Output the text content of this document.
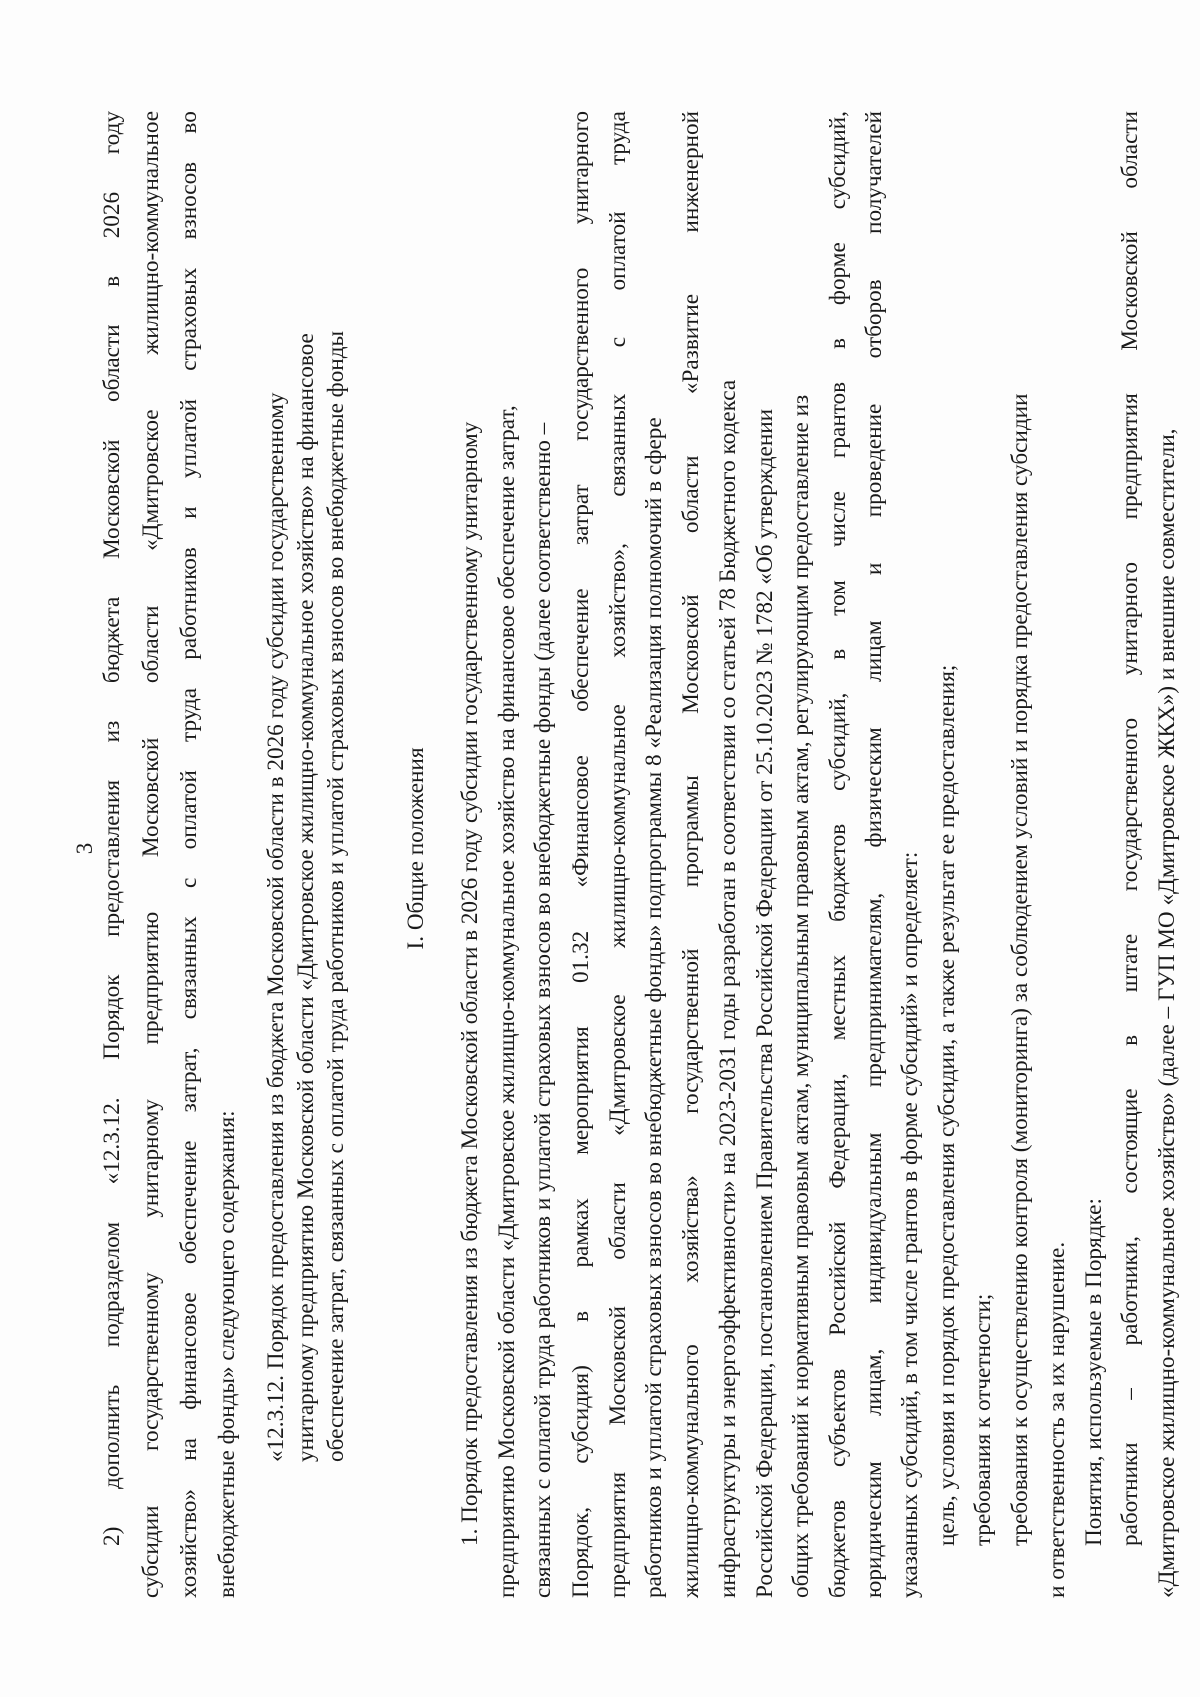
3
2)
дополнить
подразделом
«12.3.12.
Порядок
предоставления
из
бюджета
Московской
области
в
2026
году
субсидии
государственному
унитарному
предприятию
Московской
области
«Дмитровское
жилищно-коммунальное
хозяйство»
на
финансовое
обеспечение
затрат,
связанных
с
оплатой
труда
работников
и
уплатой
страховых
взносов
во
внебюджетные фонды» следующего содержания: «12.3.12. Порядок предоставления из бюджета Московской области в 2026 году субсидии государственному унитарному предприятию Московской области «Дмитровское жилищно-коммунальное хозяйство» на финансовое обеспечение затрат, связанных с оплатой труда работников и уплатой страховых взносов во внебюджетные фонды I. Общие положения 1. Порядок предоставления из бюджета Московской области в 2026 году субсидии государственному унитарному предприятию Московской области «Дмитровское жилищно-коммунальное хозяйство на финансовое обеспечение затрат, связанных с оплатой труда работников и уплатой страховых взносов во внебюджетные фонды (далее соответственно – Порядок,
субсидия)
в
рамках
мероприятия
01.32
«Финансовое
обеспечение
затрат
государственного
унитарного
предприятия
Московской
области
«Дмитровское
жилищно-коммунальное
хозяйство»,
связанных
с
оплатой
труда
работников и уплатой страховых взносов во внебюджетные фонды» подпрограммы 8 «Реализация полномочий в сфере жилищно-коммунального
хозяйства»
государственной
программы
Московской
области
«Развитие
инженерной
инфраструктуры и энергоэффективности» на 2023-2031 годы разработан в соответствии со статьей 78 Бюджетного кодекса Российской Федерации, постановлением Правительства Российской Федерации от 25.10.2023 № 1782 «Об утверждении общих требований к нормативным правовым актам, муниципальным правовым актам, регулирующим предоставление из бюджетов
субъектов
Российской
Федерации,
местных
бюджетов
субсидий,
в
том
числе
грантов
в
форме
субсидий,
юридическим
лицам,
индивидуальным
предпринимателям,
физическим
лицам
и
проведение
отборов
получателей
указанных субсидий, в том числе грантов в форме субсидий» и определяет: цель, условия и порядок предоставления субсидии, а также результат ее предоставления; требования к отчетности; требования к осуществлению контроля (мониторинга) за соблюдением условий и порядка предоставления субсидии и ответственность за их нарушение. Понятия, используемые в Порядке: работники
–
работники,
состоящие
в
штате
государственного
унитарного
предприятия
Московской
области
«Дмитровское жилищно-коммунальное хозяйство» (далее – ГУП МО «Дмитровское ЖКХ») и внешние совместители,
